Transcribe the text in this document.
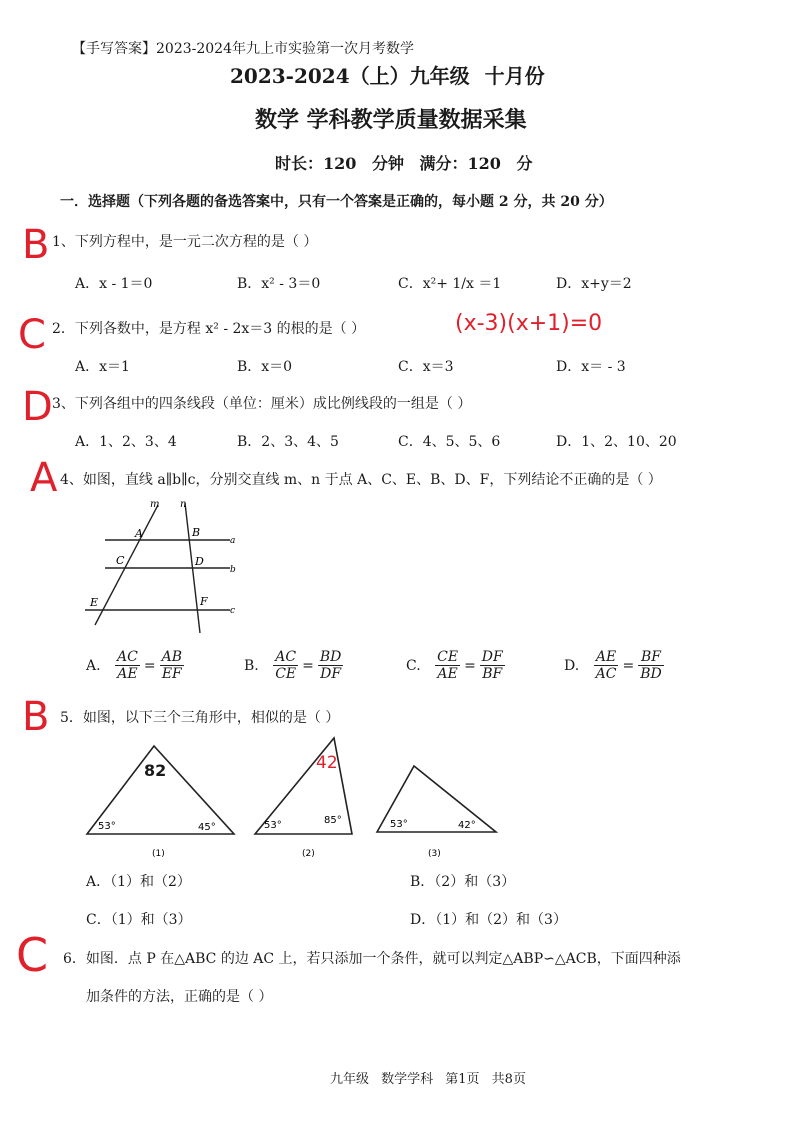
【手写答案】2023-2024年九上市实验第一次月考数学
2023-2024（上）九年级 十月份
数学 学科教学质量数据采集
时长：120 分钟 满分：120 分
一．选择题（下列各题的备选答案中，只有一个答案是正确的，每小题 2 分，共 20 分）
B 1、下列方程中，是一元二次方程的是（ ）
A．x - 1＝0	B．x² - 3＝0	C．x²+ 1/x ＝1	D．x+y＝2
C 2．下列各数中，是方程 x² - 2x＝3 的根的是（ ）	(x-3)(x+1)=0
A．x＝1	B．x＝0	C．x＝3	D．x＝ - 3
D 3、下列各组中的四条线段（单位：厘米）成比例线段的一组是（ ）
A．1、2、3、4	B．2、3、4、5	C．4、5、5、6	D．1、2、10、20
A 4、如图，直线 a∥b∥c，分别交直线 m、n 于点 A、C、E、B、D、F，下列结论不正确的是（ ）
m n
A	B
C	D
E	F
a
b
c
A. $\frac{AC}{AE} = \frac{AB}{EF}$	B. $\frac{AC}{CE} = \frac{BD}{DF}$	C. $\frac{CE}{AE} = \frac{DF}{BF}$	D. $\frac{AE}{AC} = \frac{BF}{BD}$
B 5．如图，以下三个三角形中，相似的是（ ）
53°	45°
82
(1)
53°	85°
42
(2)
53°	42°
(3)
A．（1）和（2）	B．（2）和（3）
C．（1）和（3）	D．（1）和（2）和（3）
C 6．如图．点 P 在△ABC 的边 AC 上，若只添加一个条件，就可以判定△ABP∽△ACB，下面四种添
加条件的方法，正确的是（ ）
九年级 数学学科 第1页 共8页
